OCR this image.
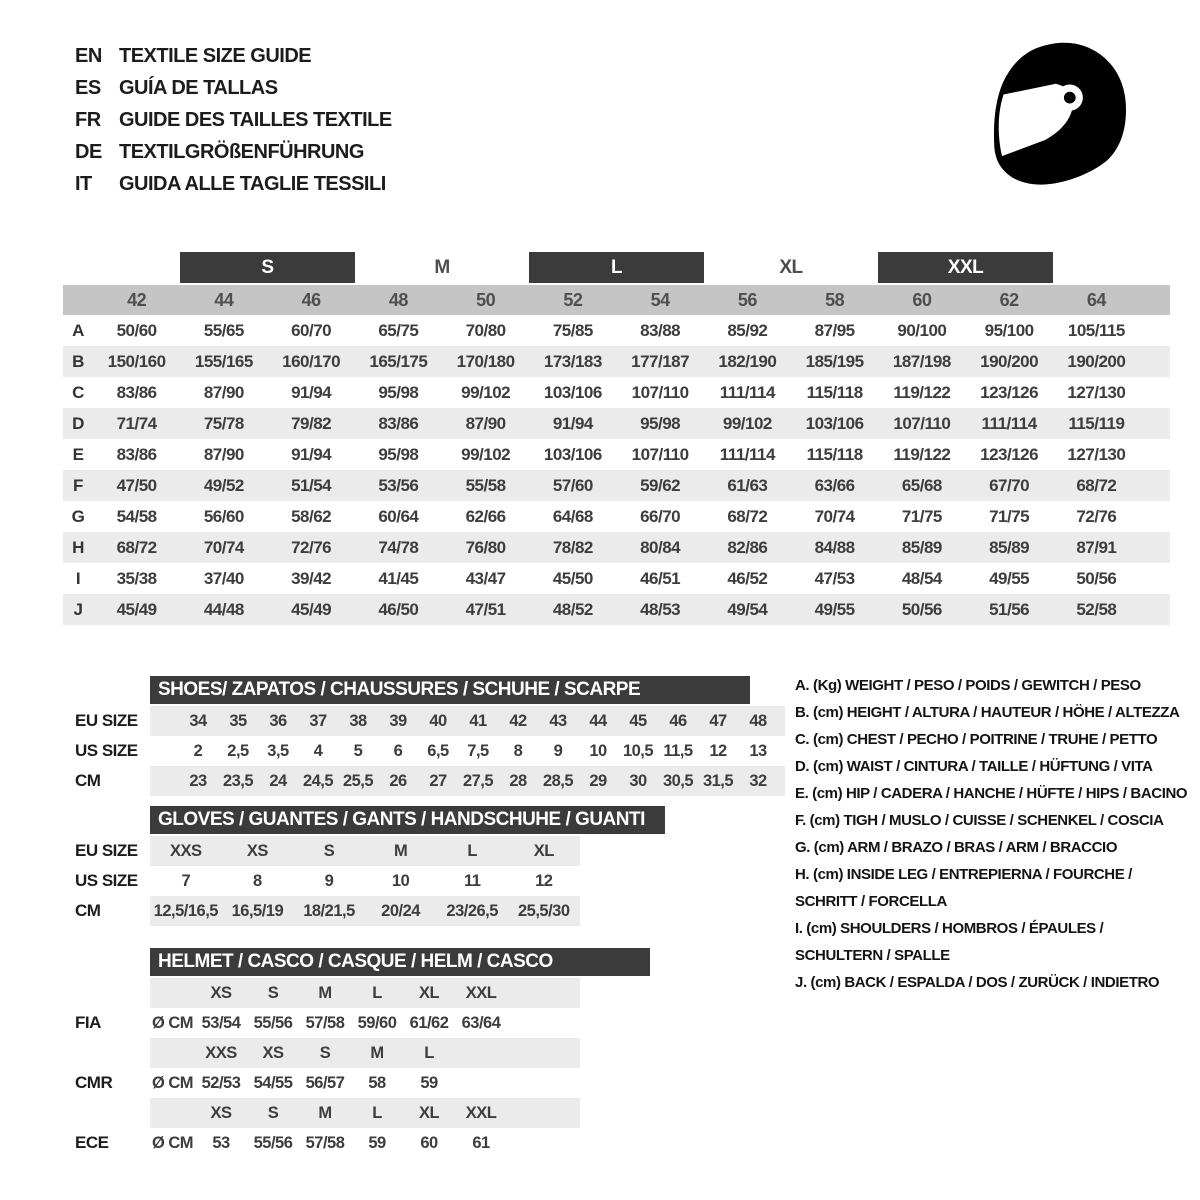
EN TEXTILE SIZE GUIDE
ES GUÍA DE TALLAS
FR GUIDE DES TAILLES TEXTILE
DE TEXTILGRÖßENFÜHRUNG
IT	GUIDA ALLE TAGLIE TESSILI
S	M	L	XL	XXL
42	44	46	48	50	52	54	56	58	60	62	64
A	50/60	55/65	60/70	65/75	70/80	75/85	83/88	85/92	87/95	90/100	95/100	105/115
B	150/160	155/165	160/170	165/175	170/180	173/183	177/187	182/190	185/195	187/198	190/200	190/200
C	83/86	87/90	91/94	95/98	99/102	103/106	107/110	111/114	115/118	119/122	123/126	127/130
D	71/74	75/78	79/82	83/86	87/90	91/94	95/98	99/102	103/106	107/110	111/114	115/119
E	83/86	87/90	91/94	95/98	99/102	103/106	107/110	111/114	115/118	119/122	123/126	127/130
F	47/50	49/52	51/54	53/56	55/58	57/60	59/62	61/63	63/66	65/68	67/70	68/72
G	54/58	56/60	58/62	60/64	62/66	64/68	66/70	68/72	70/74	71/75	71/75	72/76
H	68/72	70/74	72/76	74/78	76/80	78/82	80/84	82/86	84/88	85/89	85/89	87/91
I	35/38	37/40	39/42	41/45	43/47	45/50	46/51	46/52	47/53	48/54	49/55	50/56
J	45/49	44/48	45/49	46/50	47/51	48/52	48/53	49/54	49/55	50/56	51/56	52/58
SHOES/ ZAPATOS / CHAUSSURES / SCHUHE / SCARPE
EU SIZE	34	35	36	37	38	39	40	41	42	43	44	45	46	47	48
US SIZE	2	2,5	3,5	4	5	6	6,5	7,5	8	9	10 10,5 11,5	12	13
CM	23 23,5 24 24,5 25,5 26	27 27,5 28 28,5 29	30 30,5 31,5 32
GLOVES / GUANTES / GANTS / HANDSCHUHE / GUANTI
EU SIZE	XXS	XS	S	M	L	XL
US SIZE	7	8	9	10	11	12
CM	12,5/16,5 16,5/19	18/21,5	20/24	23/26,5	25,5/30
HELMET / CASCO / CASQUE / HELM / CASCO
XS	S	M	L	XL	XXL
FIA	Ø CM 53/54 55/56 57/58 59/60 61/62 63/64
XXS	XS	S	M	L
CMR	Ø CM 52/53 54/55 56/57	58	59
XS	S	M	L	XL	XXL
ECE	Ø CM	53	55/56 57/58	59	60	61
A. (Kg) WEIGHT / PESO / POIDS / GEWITCH / PESO
B. (cm) HEIGHT / ALTURA / HAUTEUR / HÖHE / ALTEZZA
C. (cm) CHEST / PECHO / POITRINE / TRUHE / PETTO
D. (cm) WAIST / CINTURA / TAILLE / HÜFTUNG / VITA
E. (cm) HIP / CADERA / HANCHE / HÜFTE / HIPS / BACINO
F. (cm) TIGH / MUSLO / CUISSE / SCHENKEL / COSCIA
G. (cm) ARM / BRAZO / BRAS / ARM / BRACCIO
H. (cm) INSIDE LEG / ENTREPIERNA / FOURCHE /
SCHRITT / FORCELLA
I. (cm) SHOULDERS / HOMBROS / ÉPAULES /
SCHULTERN / SPALLE
J. (cm) BACK / ESPALDA / DOS / ZURÜCK / INDIETRO
